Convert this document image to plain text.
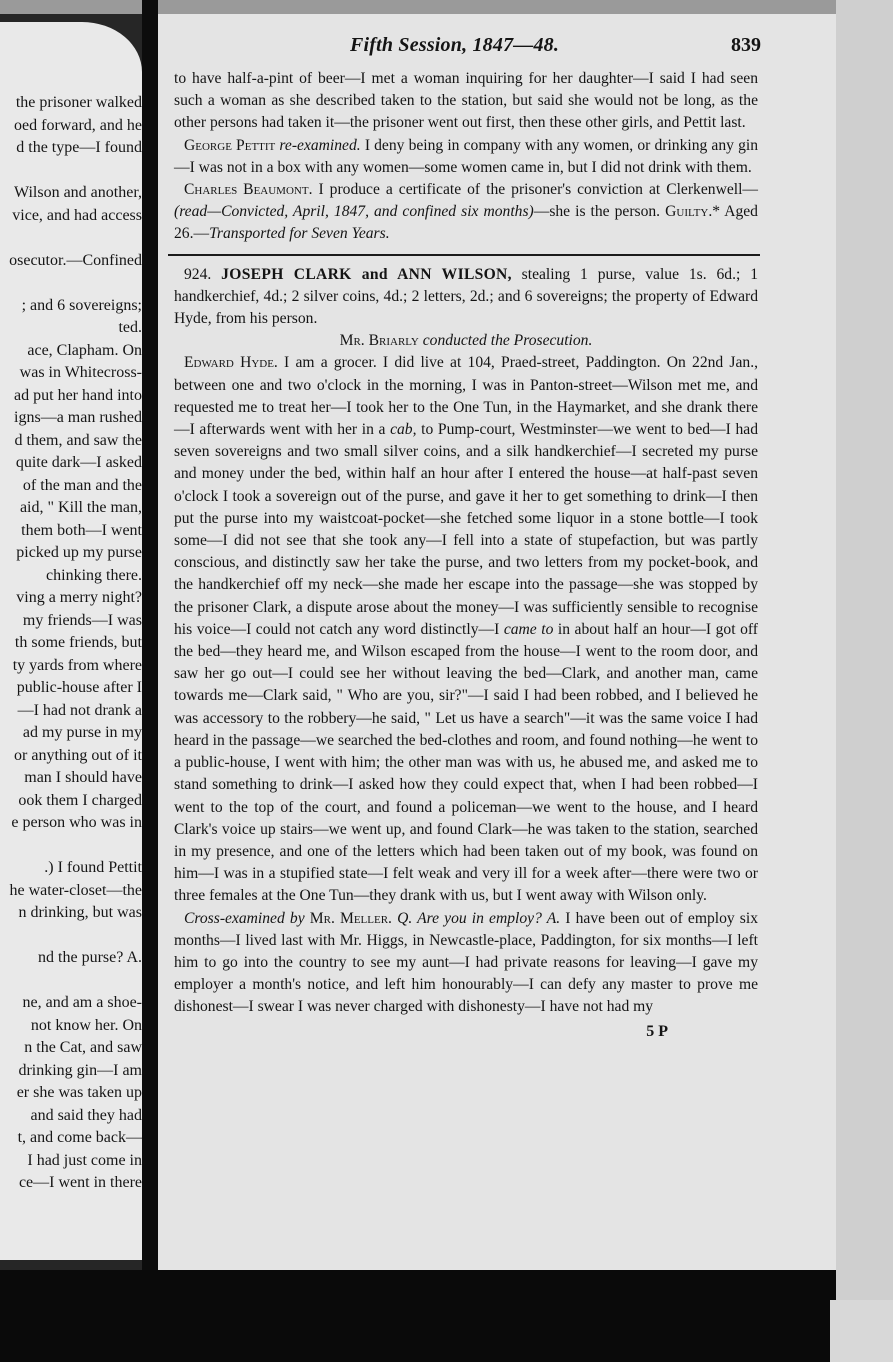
the prisoner walked
oed forward, and he
d the type—I found
Wilson and another,
vice, and had access
osecutor.—Confined
; and 6 sovereigns;
ted.
ace, Clapham. On
was in Whitecross-
ad put her hand into
igns—a man rushed
d them, and saw the
quite dark—I asked
of the man and the
aid, " Kill the man,
them both—I went
picked up my purse
chinking there.
ving a merry night?
my friends—I was
th some friends, but
ty yards from where
public-house after I
—I had not drank a
ad my purse in my
or anything out of it
man I should have
ook them I charged
e person who was in
.) I found Pettit
he water-closet—the
n drinking, but was
nd the purse? A.
ne, and am a shoe-
not know her. On
n the Cat, and saw
drinking gin—I am
er she was taken up
and said they had
t, and come back—
I had just come in
ce—I went in there
Fifth Session, 1847—48.	839

to have half-a-pint of beer—I met a woman inquiring for her daughter—I said I had seen such a woman as she described taken to the station, but said she would not be long, as the other persons had taken it—the prisoner went out first, then these other girls, and Pettit last.

George Pettit re-examined. I deny being in company with any women, or drinking any gin—I was not in a box with any women—some women came in, but I did not drink with them.

Charles Beaumont. I produce a certificate of the prisoner's conviction at Clerkenwell—(read—Convicted, April, 1847, and confined six months)—she is the person. Guilty.* Aged 26.—Transported for Seven Years.

924. JOSEPH CLARK and ANN WILSON, stealing 1 purse, value 1s. 6d.; 1 handkerchief, 4d.; 2 silver coins, 4d.; 2 letters, 2d.; and 6 sovereigns; the property of Edward Hyde, from his person.

Mr. Briarly conducted the Prosecution.

Edward Hyde. I am a grocer. I did live at 104, Praed-street, Paddington. On 22nd Jan., between one and two o'clock in the morning, I was in Panton-street—Wilson met me, and requested me to treat her—I took her to the One Tun, in the Haymarket, and she drank there—I afterwards went with her in a cab, to Pump-court, Westminster—we went to bed—I had seven sovereigns and two small silver coins, and a silk handkerchief—I secreted my purse and money under the bed, within half an hour after I entered the house—at half-past seven o'clock I took a sovereign out of the purse, and gave it her to get something to drink—I then put the purse into my waistcoat-pocket—she fetched some liquor in a stone bottle—I took some—I did not see that she took any—I fell into a state of stupefaction, but was partly conscious, and distinctly saw her take the purse, and two letters from my pocket-book, and the handkerchief off my neck—she made her escape into the passage—she was stopped by the prisoner Clark, a dispute arose about the money—I was sufficiently sensible to recognise his voice—I could not catch any word distinctly—I came to in about half an hour—I got off the bed—they heard me, and Wilson escaped from the house—I went to the room door, and saw her go out—I could see her without leaving the bed—Clark, and another man, came towards me—Clark said, " Who are you, sir?"—I said I had been robbed, and I believed he was accessory to the robbery—he said, " Let us have a search"—it was the same voice I had heard in the passage—we searched the bed-clothes and room, and found nothing—he went to a public-house, I went with him; the other man was with us, he abused me, and asked me to stand something to drink—I asked how they could expect that, when I had been robbed—I went to the top of the court, and found a policeman—we went to the house, and I heard Clark's voice up stairs—we went up, and found Clark—he was taken to the station, searched in my presence, and one of the letters which had been taken out of my book, was found on him—I was in a stupified state—I felt weak and very ill for a week after—there were two or three females at the One Tun—they drank with us, but I went away with Wilson only.

Cross-examined by Mr. Meller. Q. Are you in employ? A. I have been out of employ six months—I lived last with Mr. Higgs, in Newcastle-place, Paddington, for six months—I left him to go into the country to see my aunt—I had private reasons for leaving—I gave my employer a month's notice, and left him honourably—I can defy any master to prove me dishonest—I swear I was never charged with dishonesty—I have not had my

5 P
